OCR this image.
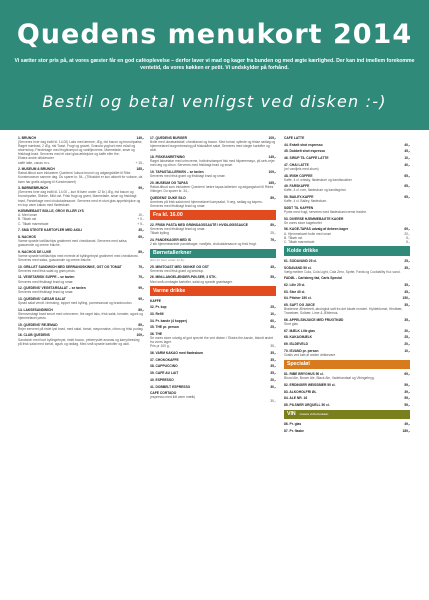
Quedens menukort 2014
Vi sætter stor pris på, at vores gæster får en god caféoplevelse – derfor laver vi mad og kager fra bunden og med ægte kærlighed. Der kan ind imellem forekomme ventetid, da vores køkken er petit. Vi undskylder på forhånd.
Bestil og betal venligst ved disken :-)
1. BRUNCH	149,-
(Serveres hver dag indtil kl. 14.00) Laks med æreme, Æg, rist bacon og brunchpølse, Røget mørbrad, 2 Æg, rist Toast, Frugt og gravet, Granola yoghurt med müsli og ahornsirup, Pandekage med frugtkompot og vanilljecreme, Marmelade, smør og friskbagt brød. Serveres med et stort glas æblejuice og kaffe eller the.
Ekstra andre drikkevarer
caffé latte, cacao m.v.	+ 15,-
2. MUSEUM & BRUNCH	185,-
Rabat-tilbud som inkluderer Quedens' luksus brunch og adgangsbillet til Ribe Kunstmuseum samme dag. Du sparer kr. 54,- (Tilbuddet er kun aktuelt for voksne, da børn har gratis adgang til Kunstmuseet)
3. BØRNEBRUNCH	99,-
(Serveres hver dag indtil kl. 14.00 – kun til børn under 12 år.) Æg, rist bacon og brunchpølse, Skinke, Mild ost, Frisk frugt og grønt, Marmelade, smør og friskbagt brød, Pandekage med chokoladesauce. Serveres med et stort glas appelsinjuice og en kop varm kakao med flødeskum.
HJEMMEBAGT BOLLE, GROV ELLER LYS
A. Med smør	10,-
B. Tilkøb ost	+ 5,-
C. Tilkøb marmelade	+ 5,-
7. SMÅ STEGTE KARTOFLER MED AIOLI	35,-
8. NACHOS	69,-
Varme sprøde tortillachips gratineret med cheddarost. Serveres med salsa, guacamole og creme fraiche.
9. NACHOS DE LUXE	89,-
Varme sprøde tortillachips med mirrede af kyllingebryst gratineret med cheddarost. Serveres med salsa, guacamole og creme fraiche.
10. GRILLET SANDWICH MED SERRANOSKINKE, OST OG TOMAT	79,-
Serveres med frisk salat og grøn pesto.
11. VEGETARISK SUPPE – se tavlen	79,-
Serveres med friskbagt brød og smør.
12. QUEDENS' VEGETARSALAT – se tavlen	99,-
Serveres med friskbagt brød og smør.
13. QUEDENS' CÆSAR SALAT	99,-
Sprød salat vendt i dressing, toppet med kylling, parmesanost og brødcrouton.
14. LAKSESANDWICH	89,-
Stenovnsbagt brød smurt med urtecreme, fint røget laks, frisk salat, tomater, agurk og hjemmelavet pesto.
15. QUEDENS' REJEMAD	89,-
Rejer serveret på ristet lyst brød, med salat, tomat, mayonnaise, citron og frisk purløg.
16. CLUB QUEDENS	109,-
Sandwich med bort kyllingebryst, ristet bacon, peberrystet ananas og karrydressing på frisk salat med tomat, agurk og rødløg. Med små sprøde kartofler og aioli.
17. QUEDENS BURGER	109,-
Bolle med oksekødsbøf, cheddarost og bacon. Med tomat, syltede og friske rødløg og hjemmelavet burgerdressing på friskskåret salat. Serveres med stegte kartofler og aioli.
18. FISKEANRETNING	149,-
Røget laksetatar med urtecreme, hvidvinsdampet fisk med kilpæremayo, pil-selv-rejer med æg og citron. Serveres med friskbagt brød og smør.
19. TAPASTALLERKEN – se tavlen	109,-
Serveres med frisk grønt og friskbagt brød og smør.
20. MUSEUM OG TAPAS	165,-
Rabat-tilbud som inkluderer Quedens' lækre tapas-tallerken og adgangskort til Ribes Vikinger. Du sparer kr. 34,-
QUEDENS' DUKE SILD	89,-
Anretnes på frisk salat med hjemmelavet karrysalat, ½ æg, rødløg og kapers. Serveres med friskbagt brød og smør.
Fra kl. 16.00
22. FRISK PASTA MED GRØNSAGSSAUTÉ I HVIDLØGSSAUCE	89,-
Serveres med friskbagt brød og smør.
Tilkøb kylling	25,-
24. PANDEKAGER MED IS	79,-
2 stk hjemmelavede pandekager, vaniljeis, chokoladesauce og frisk frugt.
Børnetallerkner
(kun for børn under 12 år)
25. MINITOAST MED SKINKE OG OST	45,-
Serveres med frisk grønt og ketchup.
26. MINI-LANGELÆNDER-PØLSER, 3 STK.	55,-
Med små ovnbagte kartofler, salat og sprøde grøntsager.
Varme drikke
KAFFE
32. Pr. kop	25,-
33. Refill	10,-
34. Pr. kande (4 kopper)	60,-
35. THE pr. person	25,-
36. THE
Se vores store udvalg af god speciel the ved disken / Ekstra the-kande, blandt andet fra vores lager.
Pris pr 100 g.	35,-
36. VARM KAKAO med flødeskum	35,-
37. CHOKOKAFFE	35,-
38. CAPPUCCINO	35,-
39. CAFÉ AU LAIT	35,-
40. ESPRESSO	20,-
41. DOBBELT ESPRESSO	30,-
CAFÉ CORTADO
(espresso med lidt varm mælk)
30,-
CAFE LATTE
44. Enkelt shot espresso	40,-
45. Dobbelt shot espresso	45,-
46. SIRUP TIL CAFFÉ LATTE	10,-
47. CHAI LATTE	40,-
(m/ vaniljeis med skum)
48. IRISH COFFEE	65,-
Kaffe, 4 cl. whisky, flødeskum og kandissukker
49. FARSKAFFE	65,-
Kaffe, 4 cl. rom, flødeskum og kandisgrind.
50. BAILEY-KAFFE	65,-
Kaffe, 4 cl. Bailey, flødeskum.
SØDT TIL KAFFEN
Pynte med frugt, serveres med flødeskum/creme fraiche.
53. DIVERSE HJEMMEBAGTE KAGER
Se vores store kageburfet
56. KAGE-TAPAS udvalg af dekeen kager	69,-
A. Hjemmelavet bolle med smør	20,-
B. Tilkøb ost	5,-
C. Tilkøb marmelade	5,-
Kolde drikke
61. SODAVAND 25 cl.	25,-
SODAVAND 50 cl.	35,-
Vælg mellem Cola, Cola Light, Cola Zero, Sprite, Fanta og Cocktailby Kur-vand.
FADØL - Carlsberg fad, Carls Special
62. Lille 25 cl.	35,-
63. Stor 40 cl.	45,-
64. Pitcher 150 cl.	150,-
65. SAFT OG JUICE	35,-
Bradenne Ærkebrett, økologisk saft fra det lokale mosteri. Hyldeblomst, Hindbær, Tranebær, Solbær, Lime & Æblemos.
66. APPELSINJUICE MED FRUGTKØD	35,-
Stort glas
67. MÆLK Lille glas	20,-
68. KAKAOMÆLK	25,-
69. ISLDEVELD	20,-
70. ISVAND pr. person	10,-
Gratis ved køb af anden drikkevare
Specialøl
81. RIBE BRYGHUS 50 cl.	69,-
Blond Ale, Brown Ale, Black Ale, Vadehandsøl og Vikingebryg.
82. ERDINGER WEISSBIER 50 cl.	59,-
83. ALKOHOLFRI ØL	39,-
84. ALE NR. 16	59,-
85. PILSNER URQUELL 50 cl.	59,-
VIN Husets vinhuhuskaan
86. Pr. glas	49,-
87. Pr. flaske	189,-
